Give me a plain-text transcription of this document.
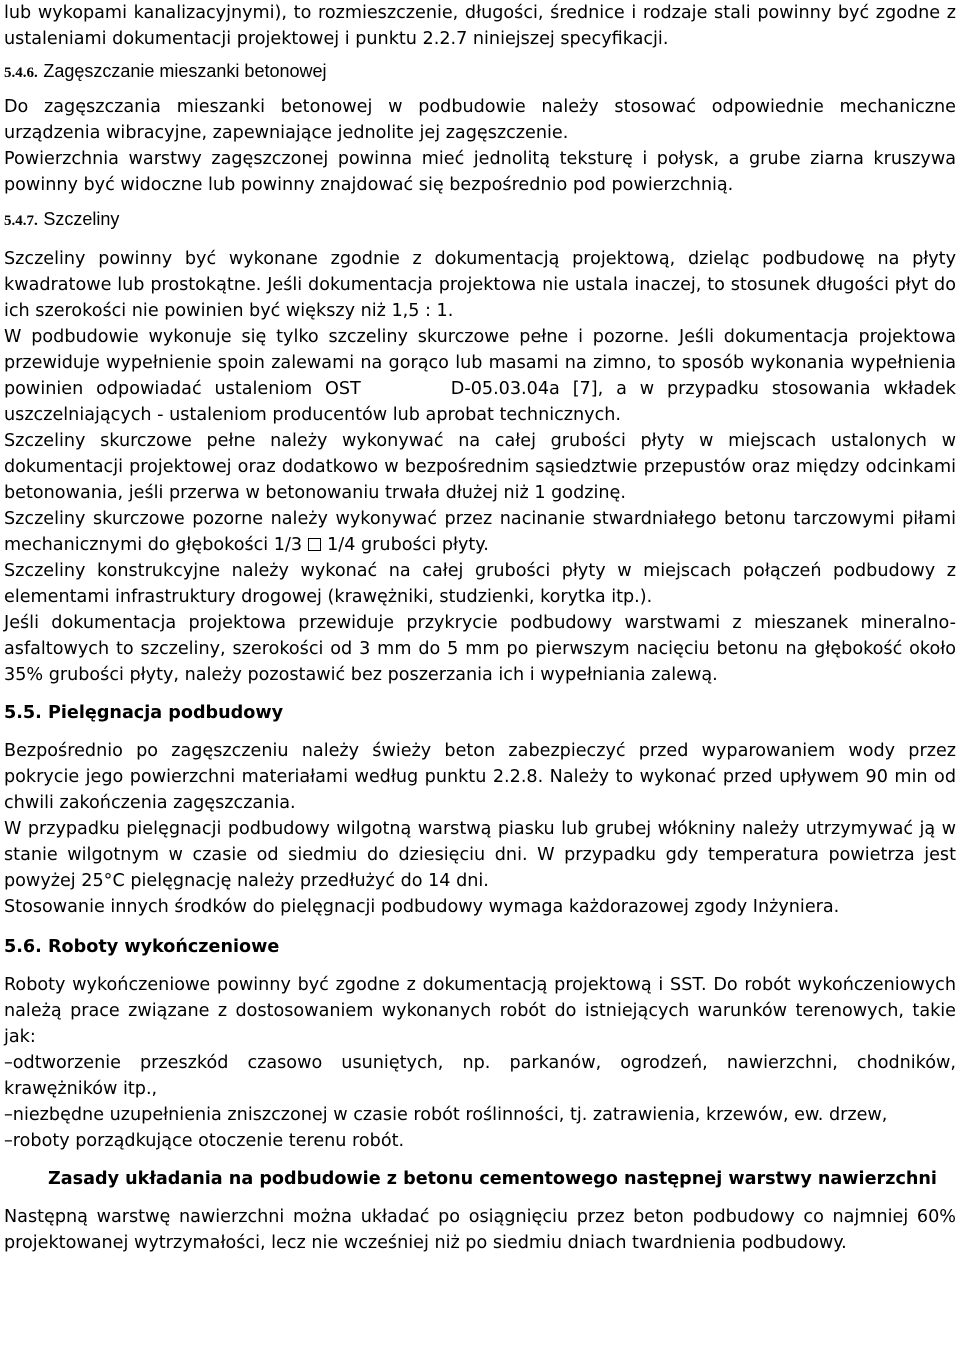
lub wykopami kanalizacyjnymi), to rozmieszczenie, długości, średnice i rodzaje stali powinny być zgodne z ustaleniami dokumentacji projektowej i punktu 2.2.7 niniejszej specyfikacji.

5.4.6. Zagęszczanie mieszanki betonowej

Do zagęszczania mieszanki betonowej w podbudowie należy stosować odpowiednie mechaniczne urządzenia wibracyjne, zapewniające jednolite jej zagęszczenie.

Powierzchnia warstwy zagęszczonej powinna mieć jednolitą teksturę i połysk, a grube ziarna kruszywa powinny być widoczne lub powinny znajdować się bezpośrednio pod powierzchnią.

5.4.7. Szczeliny

Szczeliny powinny być wykonane zgodnie z dokumentacją projektową, dzieląc podbudowę na płyty kwadratowe lub prostokątne. Jeśli dokumentacja projektowa nie ustala inaczej, to stosunek długości płyt do ich szerokości nie powinien być większy niż 1,5 : 1.

W podbudowie wykonuje się tylko szczeliny skurczowe pełne i pozorne. Jeśli dokumentacja projektowa przewiduje wypełnienie spoin zalewami na gorąco lub masami na zimno, to sposób wykonania wypełnienia powinien odpowiadać ustaleniom OST	D-05.03.04a [7], a w przypadku stosowania wkładek uszczelniających - ustaleniom producentów lub aprobat technicznych.

Szczeliny skurczowe pełne należy wykonywać na całej grubości płyty w miejscach ustalonych w dokumentacji projektowej oraz dodatkowo w bezpośrednim sąsiedztwie przepustów oraz między odcinkami betonowania, jeśli przerwa w betonowaniu trwała dłużej niż 1 godzinę.

Szczeliny skurczowe pozorne należy wykonywać przez nacinanie stwardniałego betonu tarczowymi piłami mechanicznymi do głębokości 1/3 1/4 grubości płyty.

Szczeliny konstrukcyjne należy wykonać na całej grubości płyty w miejscach połączeń podbudowy z elementami infrastruktury drogowej (krawężniki, studzienki, korytka itp.).

Jeśli dokumentacja projektowa przewiduje przykrycie podbudowy warstwami z mieszanek mineralno-asfaltowych to szczeliny, szerokości od 3 mm do 5 mm po pierwszym nacięciu betonu na głębokość około 35% grubości płyty, należy pozostawić bez poszerzania ich i wypełniania zalewą.

5.5. Pielęgnacja podbudowy

Bezpośrednio po zagęszczeniu należy świeży beton zabezpieczyć przed wyparowaniem wody przez pokrycie jego powierzchni materiałami według punktu 2.2.8. Należy to wykonać przed upływem 90 min od chwili zakończenia zagęszczania.

W przypadku pielęgnacji podbudowy wilgotną warstwą piasku lub grubej włókniny należy utrzymywać ją w stanie wilgotnym w czasie od siedmiu do dziesięciu dni. W przypadku gdy temperatura powietrza jest powyżej 25°C pielęgnację należy przedłużyć do 14 dni.

Stosowanie innych środków do pielęgnacji podbudowy wymaga każdorazowej zgody Inżyniera.

5.6. Roboty wykończeniowe

Roboty wykończeniowe powinny być zgodne z dokumentacją projektową i SST. Do robót wykończeniowych należą prace związane z dostosowaniem wykonanych robót do istniejących warunków terenowych, takie jak:

–odtworzenie przeszkód czasowo usuniętych, np. parkanów, ogrodzeń, nawierzchni, chodników, krawężników itp.,

–niezbędne uzupełnienia zniszczonej w czasie robót roślinności, tj. zatrawienia, krzewów, ew. drzew,

–roboty porządkujące otoczenie terenu robót.

Zasady układania na podbudowie z betonu cementowego następnej warstwy nawierzchni

Następną warstwę nawierzchni można układać po osiągnięciu przez beton podbudowy co najmniej 60% projektowanej wytrzymałości, lecz nie wcześniej niż po siedmiu dniach twardnienia podbudowy.
